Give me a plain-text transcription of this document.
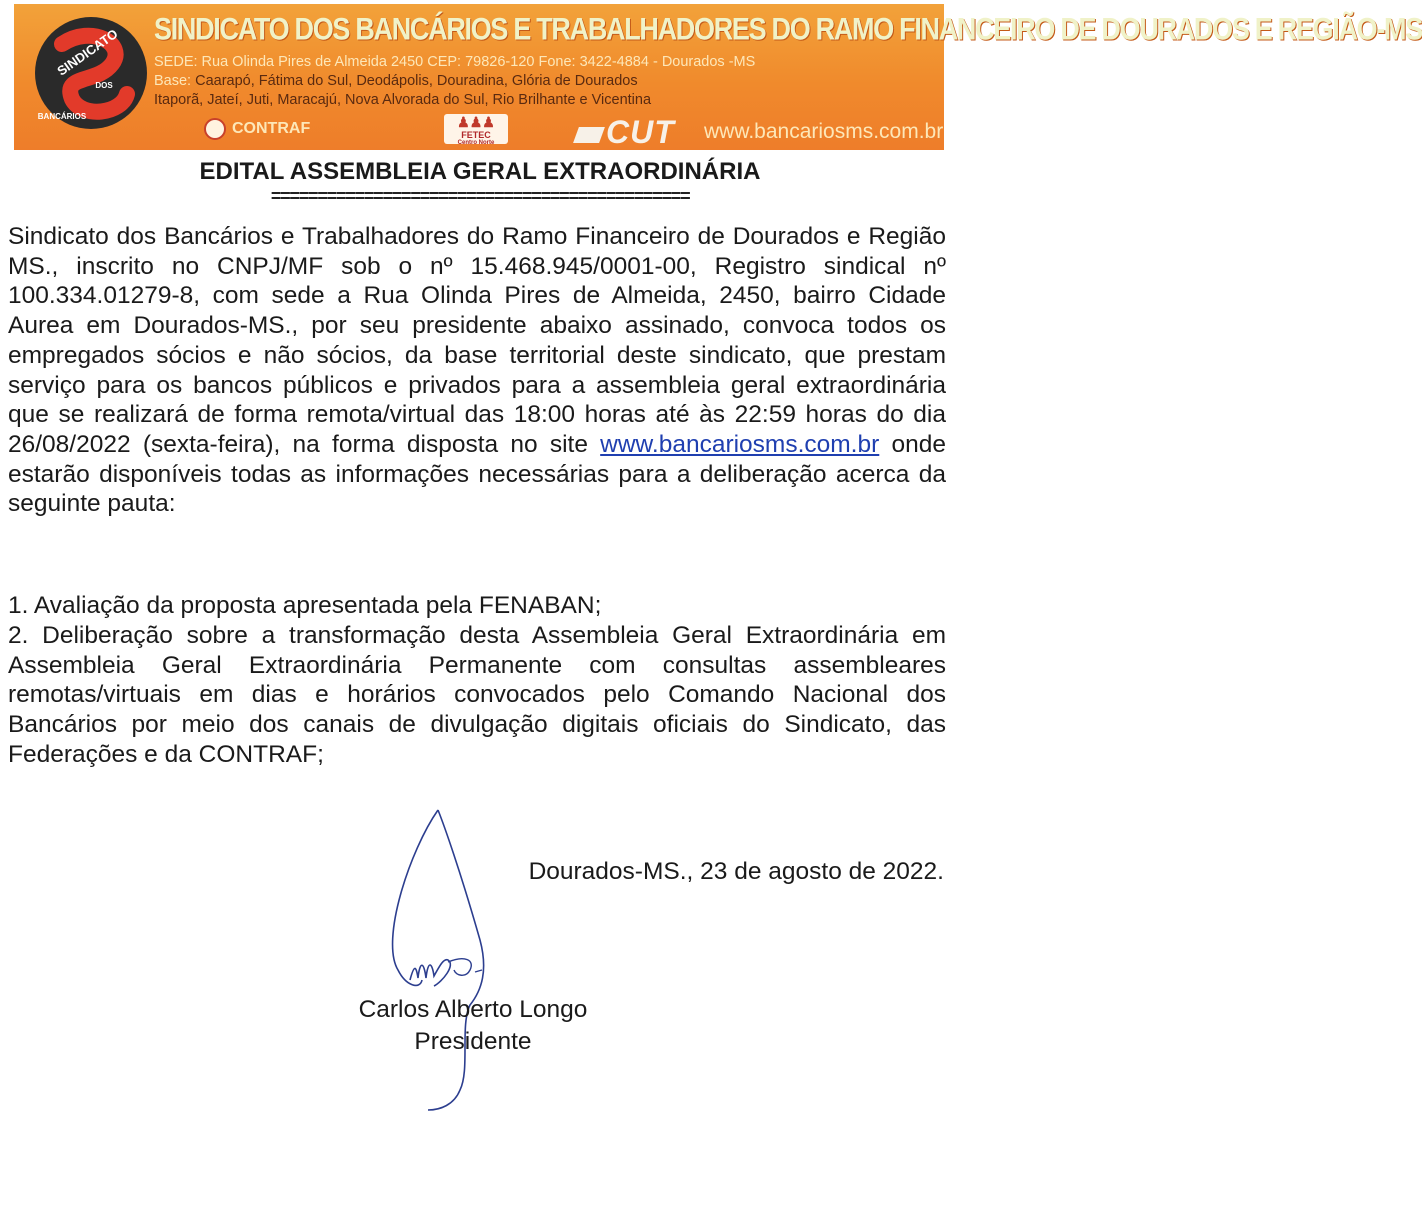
SINDICATO
DOS
BANCÁRIOS
SINDICATO DOS BANCÁRIOS E TRABALHADORES DO RAMO FINANCEIRO DE DOURADOS E REGIÃO-MS
SEDE: Rua Olinda Pires de Almeida 2450 CEP: 79826-120 Fone: 3422-4884 - Dourados -MS
Base: Caarapó, Fátima do Sul, Deodápolis, Douradina, Glória de Dourados
Itaporã, Jateí, Juti, Maracajú, Nova Alvorada do Sul, Rio Brilhante e Vicentina
CONTRAF	♟♟♟
FETEC
Centro Norte	CUT www.bancariosms.com.br
EDITAL ASSEMBLEIA GERAL EXTRAORDINÁRIA
=============================================
Sindicato dos Bancários e Trabalhadores do Ramo Financeiro de Dourados e Região MS., inscrito no CNPJ/MF sob o nº 15.468.945/0001-00, Registro sindical nº 100.334.01279-8, com sede a Rua Olinda Pires de Almeida, 2450, bairro Cidade Aurea em Dourados-MS., por seu presidente abaixo assinado, convoca todos os empregados sócios e não sócios, da base territorial deste sindicato, que prestam serviço para os bancos públicos e privados para a assembleia geral extraordinária que se realizará de forma remota/virtual das 18:00 horas até às 22:59 horas do dia 26/08/2022 (sexta-feira), na forma disposta no site www.bancariosms.com.br onde estarão disponíveis todas as informações necessárias para a deliberação acerca da seguinte pauta:
1. Avaliação da proposta apresentada pela FENABAN;
2. Deliberação sobre a transformação desta Assembleia Geral Extraordinária em Assembleia Geral Extraordinária Permanente com consultas assembleares remotas/virtuais em dias e horários convocados pelo Comando Nacional dos Bancários por meio dos canais de divulgação digitais oficiais do Sindicato, das Federações e da CONTRAF;
Dourados-MS., 23 de agosto de 2022.
Carlos Alberto Longo
Presidente
